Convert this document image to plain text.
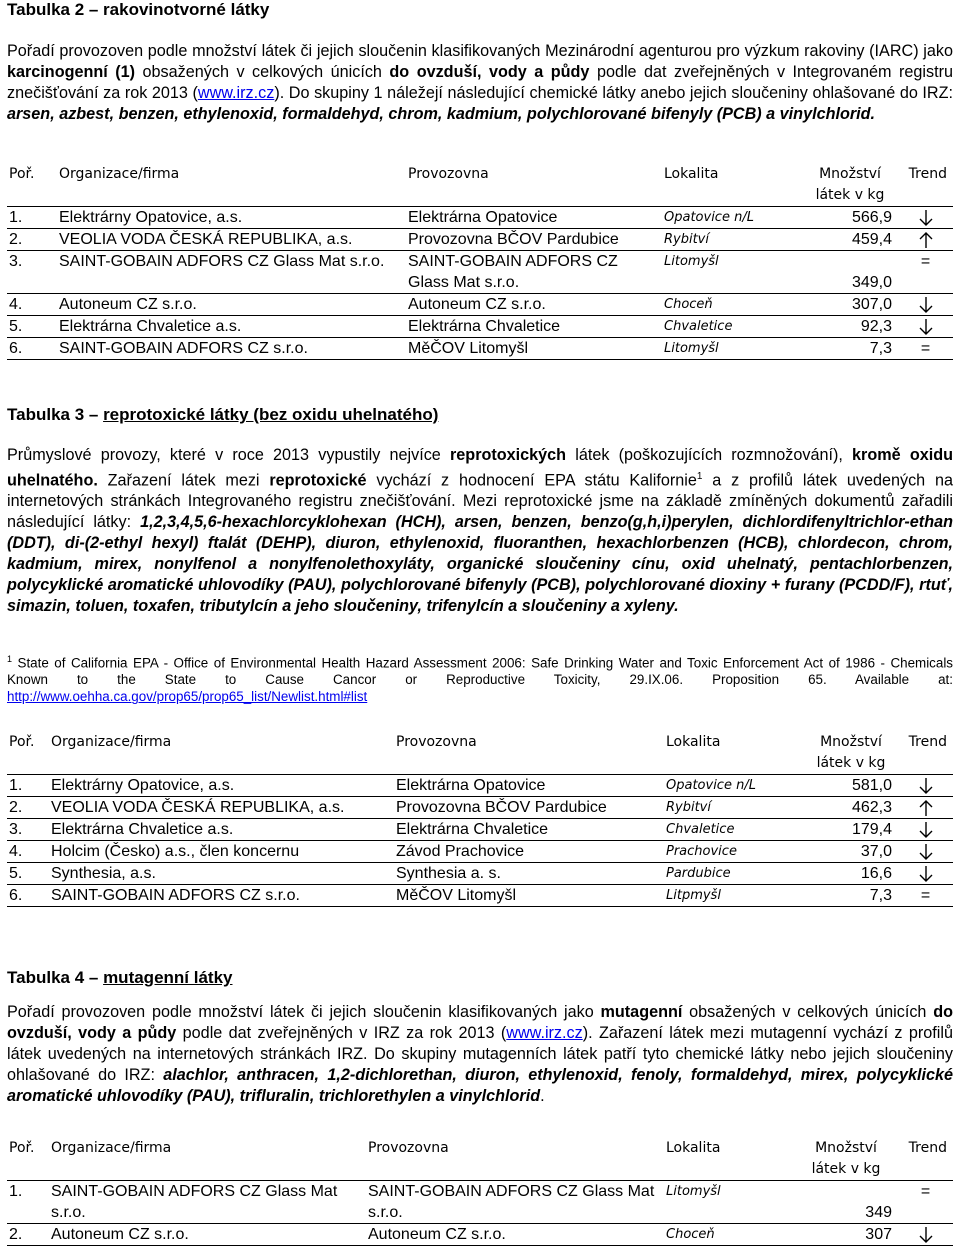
Tabulka 2 – rakovinotvorné látky
Pořadí provozoven podle množství látek či jejich sloučenin klasifikovaných Mezinárodní agenturou pro výzkum rakoviny (IARC) jako karcinogenní (1) obsažených v celkových únicích do ovzduší, vody a půdy podle dat zveřejněných v Integrovaném registru znečišťování za rok 2013 (www.irz.cz). Do skupiny 1 náležejí následující chemické látky anebo jejich sloučeniny ohlašované do IRZ: arsen, azbest, benzen, ethylenoxid, formaldehyd, chrom, kadmium, polychlorované bifenyly (PCB) a vinylchlorid.
Poř.	Organizace/firma	Provozovna	Lokalita	Množství látek v kg	Trend
1.	Elektrárny Opatovice, a.s.	Elektrárna Opatovice	Opatovice n/L	566,9	
2.	VEOLIA VODA ČESKÁ REPUBLIKA, a.s.	Provozovna BČOV Pardubice	Rybitví	459,4	
3.	SAINT-GOBAIN ADFORS CZ Glass Mat s.r.o.	SAINT-GOBAIN ADFORS CZ Glass Mat s.r.o.	Litomyšl	349,0	=
4.	Autoneum CZ s.r.o.	Autoneum CZ s.r.o.	Choceň	307,0	
5.	Elektrárna Chvaletice a.s.	Elektrárna Chvaletice	Chvaletice	92,3	
6.	SAINT-GOBAIN ADFORS CZ s.r.o.	MěČOV Litomyšl	Litomyšl	7,3	=
Tabulka 3 – reprotoxické látky (bez oxidu uhelnatého)
Průmyslové provozy, které v roce 2013 vypustily nejvíce reprotoxických látek (poškozujících rozmnožování), kromě oxidu uhelnatého. Zařazení látek mezi reprotoxické vychází z hodnocení EPA státu Kalifornie$^1$ a z profilů látek uvedených na internetových stránkách Integrovaného registru znečišťování. Mezi reprotoxické jsme na základě zmíněných dokumentů zařadili následující látky: 1,2,3,4,5,6-hexachlorcyklohexan (HCH), arsen, benzen, benzo(g,h,i)perylen, dichlordifenyltrichlor-ethan (DDT), di-(2-ethyl hexyl) ftalát (DEHP), diuron, ethylenoxid, fluoranthen, hexachlorbenzen (HCB), chlordecon, chrom, kadmium, mirex, nonylfenol a nonylfenolethoxyláty, organické sloučeniny cínu, oxid uhelnatý, pentachlorbenzen, polycyklické aromatické uhlovodíky (PAU), polychlorované bifenyly (PCB), polychlorované dioxiny + furany (PCDD/F), rtuť, simazin, toluen, toxafen, tributylcín a jeho sloučeniny, trifenylcín a sloučeniny a xyleny.
$^1$ State of California EPA - Office of Environmental Health Hazard Assessment 2006: Safe Drinking Water and Toxic Enforcement Act of 1986 - Chemicals Known to the State to Cause Cancor or Reproductive Toxicity, 29.IX.06. Proposition 65. Available at: http://www.oehha.ca.gov/prop65/prop65_list/Newlist.html#list
Poř.	Organizace/firma	Provozovna	Lokalita	Množství látek v kg	Trend
1.	Elektrárny Opatovice, a.s.	Elektrárna Opatovice	Opatovice n/L	581,0	
2.	VEOLIA VODA ČESKÁ REPUBLIKA, a.s.	Provozovna BČOV Pardubice	Rybitví	462,3	
3.	Elektrárna Chvaletice a.s.	Elektrárna Chvaletice	Chvaletice	179,4	
4.	Holcim (Česko) a.s., člen koncernu	Závod Prachovice	Prachovice	37,0	
5.	Synthesia, a.s.	Synthesia a. s.	Pardubice	16,6	
6.	SAINT-GOBAIN ADFORS CZ s.r.o.	MěČOV Litomyšl	Litpmyšl	7,3	=
Tabulka 4 – mutagenní látky
Pořadí provozoven podle množství látek či jejich sloučenin klasifikovaných jako mutagenní obsažených v celkových únicích do ovzduší, vody a půdy podle dat zveřejněných v IRZ za rok 2013 (www.irz.cz). Zařazení látek mezi mutagenní vychází z profilů látek uvedených na internetových stránkách IRZ. Do skupiny mutagenních látek patří tyto chemické látky nebo jejich sloučeniny ohlašované do IRZ: alachlor, anthracen, 1,2-dichlorethan, diuron, ethylenoxid, fenoly, formaldehyd, mirex, polycyklické aromatické uhlovodíky (PAU), trifluralin, trichlorethylen a vinylchlorid.
Poř.	Organizace/firma	Provozovna	Lokalita	Množství látek v kg	Trend
1.	SAINT-GOBAIN ADFORS CZ Glass Mat s.r.o.	SAINT-GOBAIN ADFORS CZ Glass Mat s.r.o.	Litomyšl	349	=
2.	Autoneum CZ s.r.o.	Autoneum CZ s.r.o.	Choceň	307	
